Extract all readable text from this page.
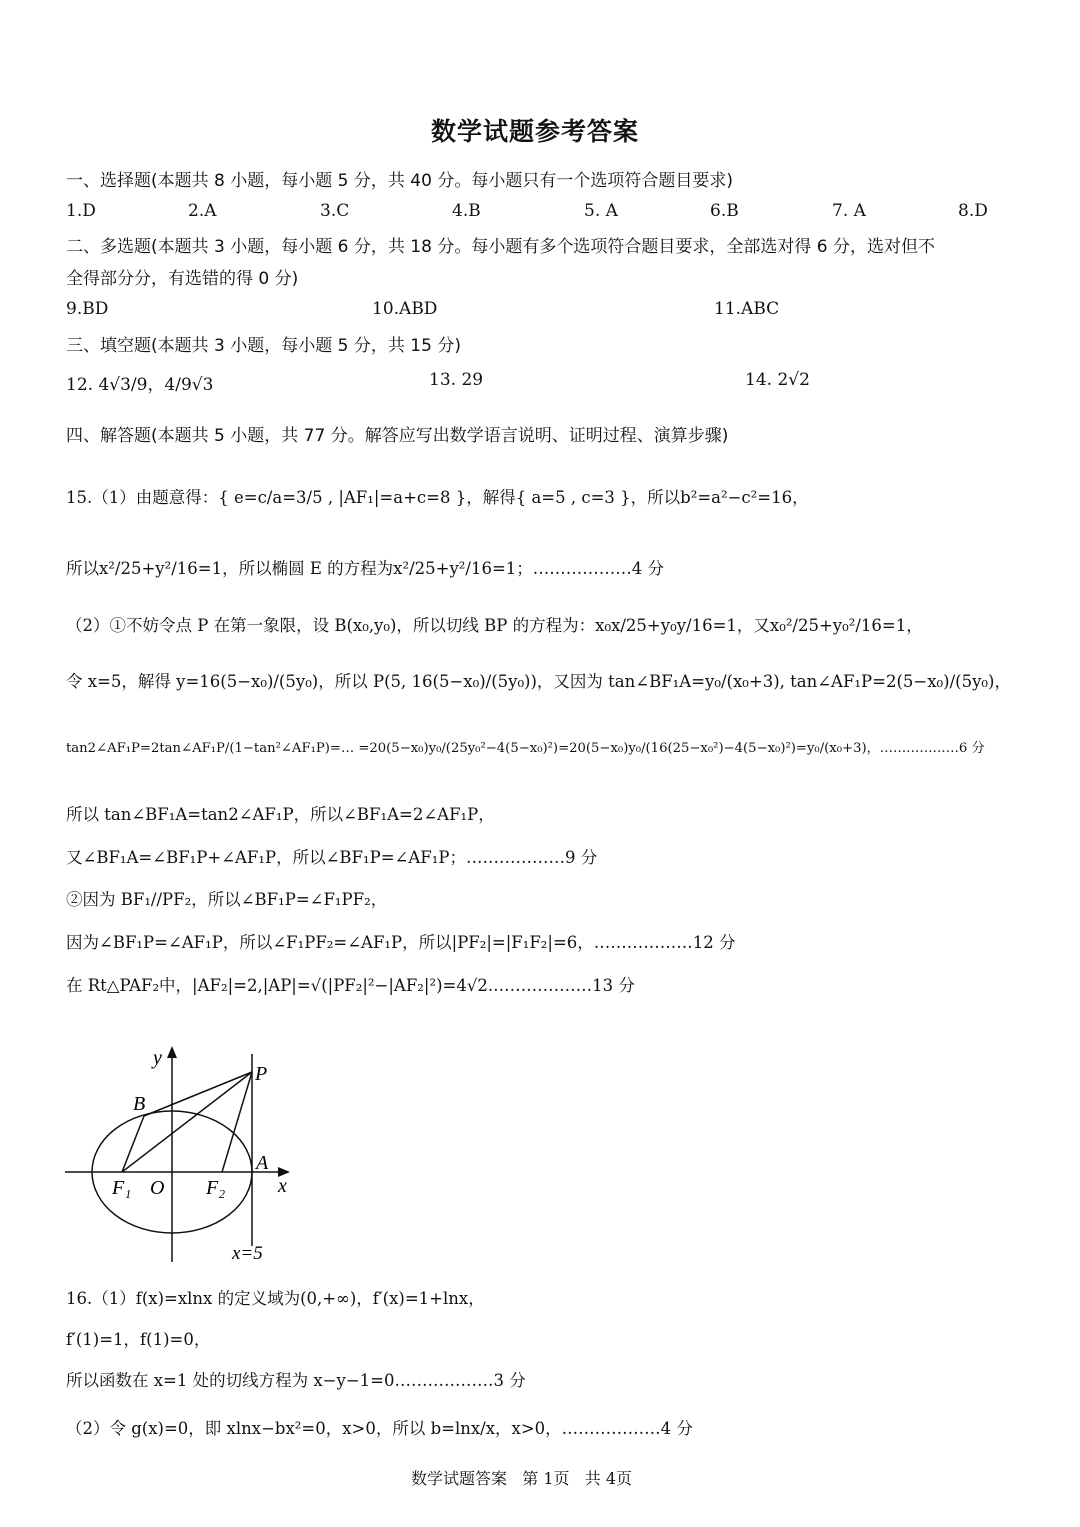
数学试题参考答案
一、选择题(本题共 8 小题，每小题 5 分，共 40 分。每小题只有一个选项符合题目要求)
1.D	2.A	3.C	4.B	5. A	6.B	7. A	8.D
二、多选题(本题共 3 小题，每小题 6 分，共 18 分。每小题有多个选项符合题目要求，全部选对得 6 分，选对但不
全得部分分，有选错的得 0 分)
9.BD	10.ABD	11.ABC
三、填空题(本题共 3 小题，每小题 5 分，共 15 分)
12. 4√3/9，4/9√3	13. 29	14. 2√2
四、解答题(本题共 5 小题，共 77 分。解答应写出数学语言说明、证明过程、演算步骤)
15.（1）由题意得：{ e=c/a=3/5 , |AF₁|=a+c=8 }，解得{ a=5 , c=3 }，所以b²=a²−c²=16，
所以x²/25+y²/16=1，所以椭圆 E 的方程为x²/25+y²/16=1；………………4 分
（2）①不妨令点 P 在第一象限，设 B(x₀,y₀)，所以切线 BP 的方程为：x₀x/25+y₀y/16=1，又x₀²/25+y₀²/16=1，
令 x=5，解得 y=16(5−x₀)/(5y₀)，所以 P(5, 16(5−x₀)/(5y₀))，又因为 tan∠BF₁A=y₀/(x₀+3), tan∠AF₁P=2(5−x₀)/(5y₀)，
tan2∠AF₁P=2tan∠AF₁P/(1−tan²∠AF₁P)=… =20(5−x₀)y₀/(25y₀²−4(5−x₀)²)=20(5−x₀)y₀/(16(25−x₀²)−4(5−x₀)²)=y₀/(x₀+3)，………………6 分
所以 tan∠BF₁A=tan2∠AF₁P，所以∠BF₁A=2∠AF₁P，
又∠BF₁A=∠BF₁P+∠AF₁P，所以∠BF₁P=∠AF₁P；………………9 分
②因为 BF₁//PF₂，所以∠BF₁P=∠F₁PF₂，
因为∠BF₁P=∠AF₁P，所以∠F₁PF₂=∠AF₁P，所以|PF₂|=|F₁F₂|=6，………………12 分
在 Rt△PAF₂中，|AF₂|=2,|AP|=√(|PF₂|²−|AF₂|²)=4√2.………………13 分
y
P
B
A
F₁ O F₂	x
x=5
16.（1）f(x)=xlnx 的定义域为(0,+∞)，f′(x)=1+lnx，
f′(1)=1，f(1)=0，
所以函数在 x=1 处的切线方程为 x−y−1=0………………3 分
（2）令 g(x)=0，即 xlnx−bx²=0，x>0，所以 b=lnx/x，x>0，………………4 分
数学试题答案   第 1页   共 4页
